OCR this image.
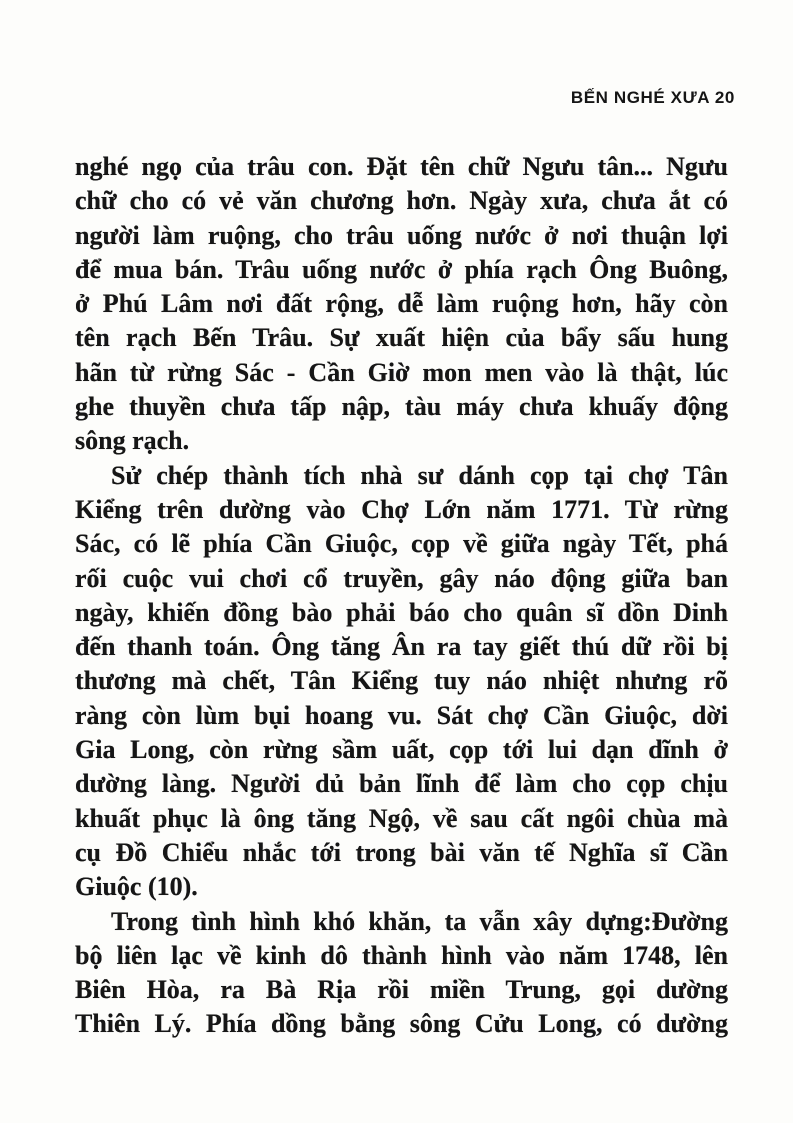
BẾN NGHÉ XƯA 20
nghé ngọ của trâu con. Đặt tên chữ Ngưu tân... Ngưu
chữ cho có vẻ văn chương hơn. Ngày xưa, chưa ắt có
người làm ruộng, cho trâu uống nước ở nơi thuận lợi
để mua bán. Trâu uống nước ở phía rạch Ông Buông,
ở Phú Lâm nơi đất rộng, dễ làm ruộng hơn, hãy còn
tên rạch Bến Trâu. Sự xuất hiện của bẩy sấu hung
hãn từ rừng Sác - Cần Giờ mon men vào là thật, lúc
ghe thuyền chưa tấp nập, tàu máy chưa khuấy động
sông rạch.
Sử chép thành tích nhà sư dánh cọp tại chợ Tân
Kiểng trên dường vào Chợ Lớn năm 1771. Từ rừng
Sác, có lẽ phía Cần Giuộc, cọp về giữa ngày Tết, phá
rối cuộc vui chơi cổ truyền, gây náo động giữa ban
ngày, khiến đồng bào phải báo cho quân sĩ dồn Dinh
đến thanh toán. Ông tăng Ân ra tay giết thú dữ rồi bị
thương mà chết, Tân Kiểng tuy náo nhiệt nhưng rõ
ràng còn lùm bụi hoang vu. Sát chợ Cần Giuộc, dời
Gia Long, còn rừng sầm uất, cọp tới lui dạn dĩnh ở
dường làng. Người dủ bản lĩnh để làm cho cọp chịu
khuất phục là ông tăng Ngộ, về sau cất ngôi chùa mà
cụ Đồ Chiểu nhắc tới trong bài văn tế Nghĩa sĩ Cần
Giuộc (10).
Trong tình hình khó khăn, ta vẫn xây dựng:Đường
bộ liên lạc về kinh dô thành hình vào năm 1748, lên
Biên Hòa, ra Bà Rịa rồi miền Trung, gọi dường
Thiên Lý. Phía dồng bằng sông Cửu Long, có dường
